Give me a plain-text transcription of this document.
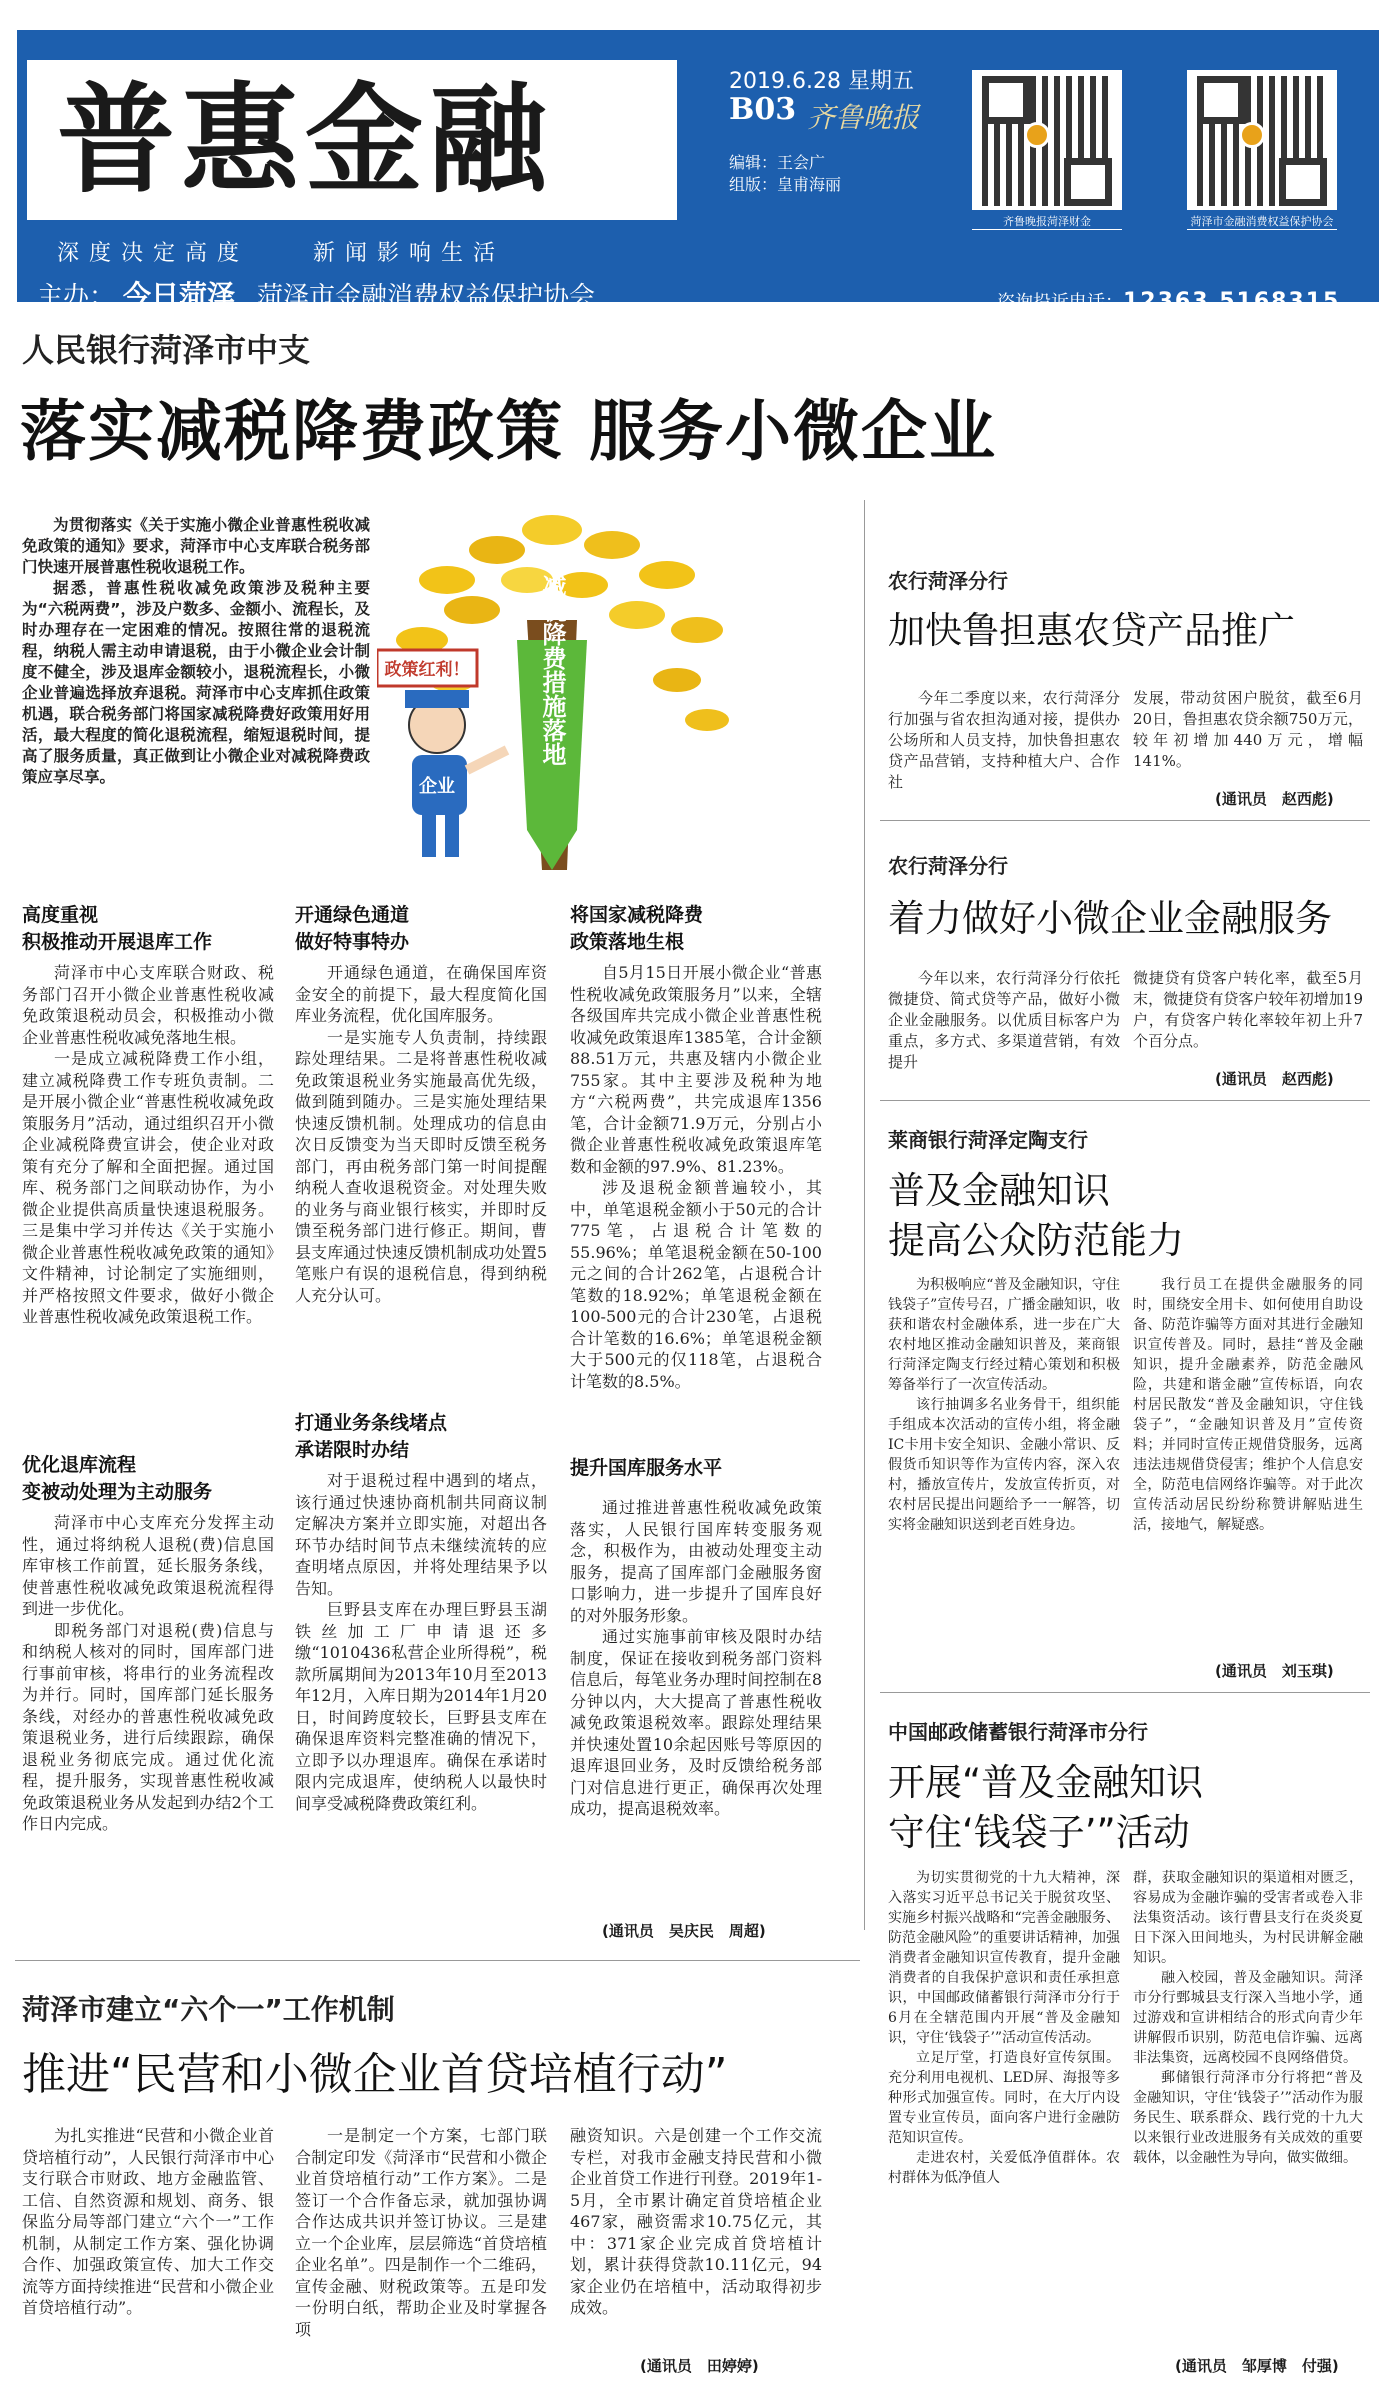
普惠金融
深度决定高度　　新闻影响生活
主办： 今日菏泽 菏泽市金融消费权益保护协会
2019.6.28 星期五
B03 齐鲁晚报
编辑：王会广
组版：皇甫海丽
齐鲁晚报菏泽财金	菏泽市金融消费权益保护协会
咨询投诉电话：12363 5168315
人民银行菏泽市中支
落实减税降费政策 服务小微企业

为贯彻落实《关于实施小微企业普惠性税收减免政策的通知》要求，菏泽市中心支库联合税务部门快速开展普惠性税收退税工作。

据悉，普惠性税收减免政策涉及税种主要为“六税两费”，涉及户数多、金额小、流程长，及时办理存在一定困难的情况。按照往常的退税流程，纳税人需主动申请退税，由于小微企业会计制度不健全，涉及退库金额较小，退税流程长，小微企业普遍选择放弃退税。菏泽市中心支库抓住政策机遇，联合税务部门将国家减税降费好政策用好用活，最大程度的简化退税流程，缩短退税时间，提高了服务质量，真正做到让小微企业对减税降费政策应享尽享。

减税降费措施落地
政策红利！
企业
高度重视
积极推动开展退库工作

菏泽市中心支库联合财政、税务部门召开小微企业普惠性税收减免政策退税动员会，积极推动小微企业普惠性税收减免落地生根。

一是成立减税降费工作小组，建立减税降费工作专班负责制。二是开展小微企业“普惠性税收减免政策服务月”活动，通过组织召开小微企业减税降费宣讲会，使企业对政策有充分了解和全面把握。通过国库、税务部门之间联动协作，为小微企业提供高质量快速退税服务。三是集中学习并传达《关于实施小微企业普惠性税收减免政策的通知》文件精神，讨论制定了实施细则，并严格按照文件要求，做好小微企业普惠性税收减免政策退税工作。

优化退库流程
变被动处理为主动服务

菏泽市中心支库充分发挥主动性，通过将纳税人退税(费)信息国库审核工作前置，延长服务条线，使普惠性税收减免政策退税流程得到进一步优化。

即税务部门对退税(费)信息与和纳税人核对的同时，国库部门进行事前审核，将串行的业务流程改为并行。同时，国库部门延长服务条线，对经办的普惠性税收减免政策退税业务，进行后续跟踪，确保退税业务彻底完成。通过优化流程，提升服务，实现普惠性税收减免政策退税业务从发起到办结2个工作日内完成。

开通绿色通道
做好特事特办

开通绿色通道，在确保国库资金安全的前提下，最大程度简化国库业务流程，优化国库服务。

一是实施专人负责制，持续跟踪处理结果。二是将普惠性税收减免政策退税业务实施最高优先级，做到随到随办。三是实施处理结果快速反馈机制。处理成功的信息由次日反馈变为当天即时反馈至税务部门，再由税务部门第一时间提醒纳税人查收退税资金。对处理失败的业务与商业银行核实，并即时反馈至税务部门进行修正。期间，曹县支库通过快速反馈机制成功处置5笔账户有误的退税信息，得到纳税人充分认可。

打通业务条线堵点
承诺限时办结

对于退税过程中遇到的堵点，该行通过快速协商机制共同商议制定解决方案并立即实施，对超出各环节办结时间节点未继续流转的应查明堵点原因，并将处理结果予以告知。

巨野县支库在办理巨野县玉湖铁丝加工厂申请退还多缴“1010436私营企业所得税”，税款所属期间为2013年10月至2013年12月，入库日期为2014年1月20日，时间跨度较长，巨野县支库在确保退库资料完整准确的情况下，立即予以办理退库。确保在承诺时限内完成退库，使纳税人以最快时间享受减税降费政策红利。

将国家减税降费
政策落地生根

自5月15日开展小微企业“普惠性税收减免政策服务月”以来，全辖各级国库共完成小微企业普惠性税收减免政策退库1385笔，合计金额88.51万元，共惠及辖内小微企业755家。其中主要涉及税种为地方“六税两费”，共完成退库1356笔，合计金额71.9万元，分别占小微企业普惠性税收减免政策退库笔数和金额的97.9%、81.23%。

涉及退税金额普遍较小，其中，单笔退税金额小于50元的合计775笔，占退税合计笔数的55.96%；单笔退税金额在50-100元之间的合计262笔，占退税合计笔数的18.92%；单笔退税金额在100-500元的合计230笔，占退税合计笔数的16.6%；单笔退税金额大于500元的仅118笔，占退税合计笔数的8.5%。

提升国库服务水平

通过推进普惠性税收减免政策落实，人民银行国库转变服务观念，积极作为，由被动处理变主动服务，提高了国库部门金融服务窗口影响力，进一步提升了国库良好的对外服务形象。

通过实施事前审核及限时办结制度，保证在接收到税务部门资料信息后，每笔业务办理时间控制在8分钟以内，大大提高了普惠性税收减免政策退税效率。跟踪处理结果并快速处置10余起因账号等原因的退库退回业务，及时反馈给税务部门对信息进行更正，确保再次处理成功，提高退税效率。

(通讯员　吴庆民　周超)
农行菏泽分行
加快鲁担惠农贷产品推广

今年二季度以来，农行菏泽分行加强与省农担沟通对接，提供办公场所和人员支持，加快鲁担惠农贷产品营销，支持种植大户、合作社

发展，带动贫困户脱贫，截至6月20日，鲁担惠农贷余额750万元，较年初增加440万元，增幅141%。

(通讯员　赵西彪)
农行菏泽分行
着力做好小微企业金融服务

今年以来，农行菏泽分行依托微捷贷、简式贷等产品，做好小微企业金融服务。以优质目标客户为重点，多方式、多渠道营销，有效提升

微捷贷有贷客户转化率，截至5月末，微捷贷有贷客户较年初增加19户，有贷客户转化率较年初上升7个百分点。

(通讯员　赵西彪)
莱商银行菏泽定陶支行
普及金融知识
提高公众防范能力

为积极响应“普及金融知识，守住钱袋子”宣传号召，广播金融知识，收获和谐农村金融体系，进一步在广大农村地区推动金融知识普及，莱商银行菏泽定陶支行经过精心策划和积极筹备举行了一次宣传活动。

该行抽调多名业务骨干，组织能手组成本次活动的宣传小组，将金融IC卡用卡安全知识、金融小常识、反假货币知识等作为宣传内容，深入农村，播放宣传片，发放宣传折页，对农村居民提出问题给予一一解答，切实将金融知识送到老百姓身边。

我行员工在提供金融服务的同时，围绕安全用卡、如何使用自助设备、防范诈骗等方面对其进行金融知识宣传普及。同时，悬挂“普及金融知识，提升金融素养，防范金融风险，共建和谐金融”宣传标语，向农村居民散发“普及金融知识，守住钱袋子”，“金融知识普及月”宣传资料；并同时宣传正规借贷服务，远离违法违规借贷侵害；维护个人信息安全，防范电信网络诈骗等。对于此次宣传活动居民纷纷称赞讲解贴进生活，接地气，解疑惑。

(通讯员　刘玉琪)
中国邮政储蓄银行菏泽市分行
开展“普及金融知识
守住‘钱袋子’”活动

为切实贯彻党的十九大精神，深入落实习近平总书记关于脱贫攻坚、实施乡村振兴战略和“完善金融服务、防范金融风险”的重要讲话精神，加强消费者金融知识宣传教育，提升金融消费者的自我保护意识和责任承担意识，中国邮政储蓄银行菏泽市分行于6月在全辖范围内开展“普及金融知识，守住‘钱袋子’”活动宣传活动。

立足厅堂，打造良好宣传氛围。充分利用电视机、LED屏、海报等多种形式加强宣传。同时，在大厅内设置专业宣传员，面向客户进行金融防范知识宣传。

走进农村，关爱低净值群体。农村群体为低净值人

群，获取金融知识的渠道相对匮乏，容易成为金融诈骗的受害者或卷入非法集资活动。该行曹县支行在炎炎夏日下深入田间地头，为村民讲解金融知识。

融入校园，普及金融知识。菏泽市分行鄄城县支行深入当地小学，通过游戏和宣讲相结合的形式向青少年讲解假币识别，防范电信诈骗、远离非法集资，远离校园不良网络借贷。

郵储银行菏泽市分行将把“普及金融知识，守住‘钱袋子’”活动作为服务民生、联系群众、践行党的十九大以来银行业改进服务有关成效的重要载体，以金融性为导向，做实做细。

(通讯员　邹厚博　付强)
菏泽市建立“六个一”工作机制
推进“民营和小微企业首贷培植行动”

为扎实推进“民营和小微企业首贷培植行动”，人民银行菏泽市中心支行联合市财政、地方金融监管、工信、自然资源和规划、商务、银保监分局等部门建立“六个一”工作机制，从制定工作方案、强化协调合作、加强政策宣传、加大工作交流等方面持续推进“民营和小微企业首贷培植行动”。

一是制定一个方案，七部门联合制定印发《菏泽市“民营和小微企业首贷培植行动”工作方案》。二是签订一个合作备忘录，就加强协调合作达成共识并签订协议。三是建立一个企业库，层层筛选“首贷培植企业名单”。四是制作一个二维码，宣传金融、财税政策等。五是印发一份明白纸，帮助企业及时掌握各项

融资知识。六是创建一个工作交流专栏，对我市金融支持民营和小微企业首贷工作进行刊登。2019年1-5月，全市累计确定首贷培植企业467家，融资需求10.75亿元，其中：371家企业完成首贷培植计划，累计获得贷款10.11亿元，94家企业仍在培植中，活动取得初步成效。

(通讯员　田婷婷)
